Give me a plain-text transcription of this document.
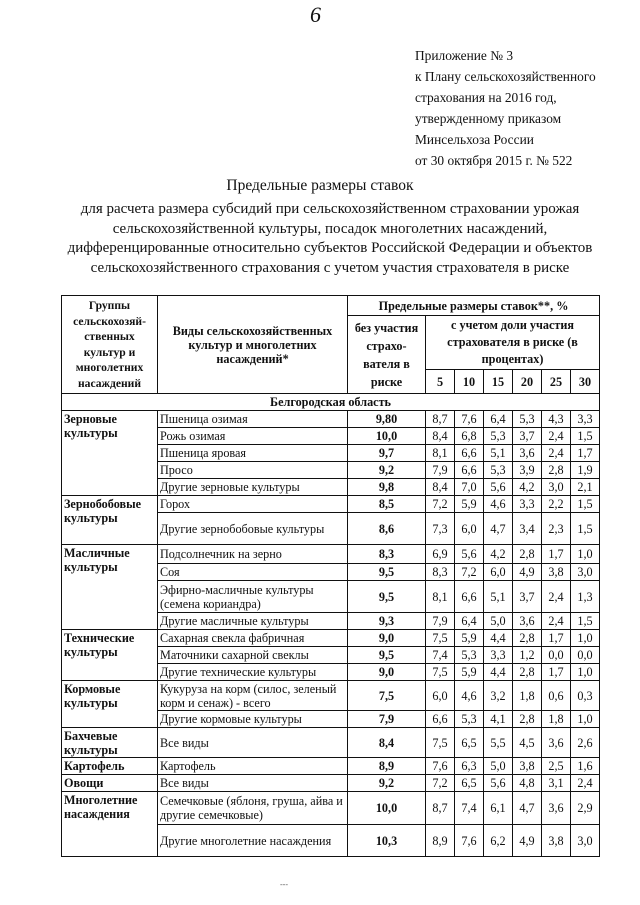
6
Приложение № 3
к Плану сельскохозяйственного
страхования на 2016 год,
утвержденному приказом
Минсельхоза России
от 30 октября 2015 г. № 522
Предельные размеры ставок
для расчета размера субсидий при сельскохозяйственном страховании урожая сельскохозяйственной культуры, посадок многолетних насаждений, дифференцированные относительно субъектов Российской Федерации и объектов сельскохозяйственного страхования с учетом участия страхователя в риске
Группы сельскохозяй-ственных культур и многолетних насаждений	Виды сельскохозяйственных культур и многолетних насаждений*	Предельные размеры ставок**, %						
		без участия страхо-вателя в риске	с учетом доли участия страхователя в риске (в процентах)					
			5	10	15	20	25	30
Белгородская область								
Зерновые культуры	Пшеница озимая	9,80	8,7	7,6	6,4	5,3	4,3	3,3
	Рожь озимая	10,0	8,4	6,8	5,3	3,7	2,4	1,5
	Пшеница яровая	9,7	8,1	6,6	5,1	3,6	2,4	1,7
	Просо	9,2	7,9	6,6	5,3	3,9	2,8	1,9
	Другие зерновые культуры	9,8	8,4	7,0	5,6	4,2	3,0	2,1
Зернобобовые культуры	Горох	8,5	7,2	5,9	4,6	3,3	2,2	1,5
	Другие зернобобовые культуры	8,6	7,3	6,0	4,7	3,4	2,3	1,5
Масличные культуры	Подсолнечник на зерно	8,3	6,9	5,6	4,2	2,8	1,7	1,0
	Соя	9,5	8,3	7,2	6,0	4,9	3,8	3,0
	Эфирно-масличные культуры (семена кориандра)	9,5	8,1	6,6	5,1	3,7	2,4	1,3
	Другие масличные культуры	9,3	7,9	6,4	5,0	3,6	2,4	1,5
Технические культуры	Сахарная свекла фабричная	9,0	7,5	5,9	4,4	2,8	1,7	1,0
	Маточники сахарной свеклы	9,5	7,4	5,3	3,3	1,2	0,0	0,0
	Другие технические культуры	9,0	7,5	5,9	4,4	2,8	1,7	1,0
Кормовые культуры	Кукуруза на корм (силос, зеленый корм и сенаж) - всего	7,5	6,0	4,6	3,2	1,8	0,6	0,3
	Другие кормовые культуры	7,9	6,6	5,3	4,1	2,8	1,8	1,0
Бахчевые культуры	Все виды	8,4	7,5	6,5	5,5	4,5	3,6	2,6
Картофель	Картофель	8,9	7,6	6,3	5,0	3,8	2,5	1,6
Овощи	Все виды	9,2	7,2	6,5	5,6	4,8	3,1	2,4
Многолетние насаждения	Семечковые (яблоня, груша, айва и другие семечковые)	10,0	8,7	7,4	6,1	4,7	3,6	2,9
	Другие многолетние насаждения	10,3	8,9	7,6	6,2	4,9	3,8	3,0
‐‐‐
